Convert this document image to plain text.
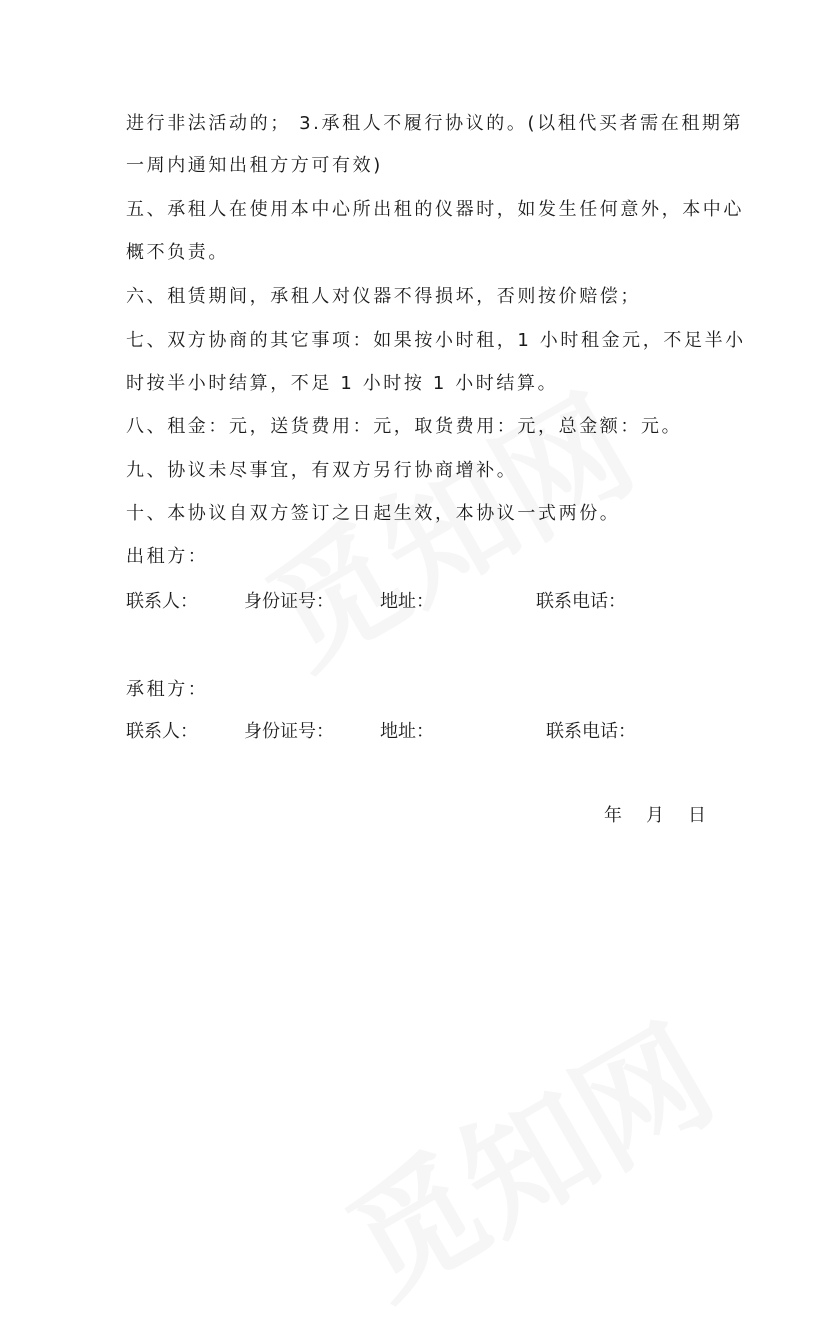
进行非法活动的； 3.承租人不履行协议的。(以租代买者需在租期第
一周内通知出租方方可有效)
五、承租人在使用本中心所出租的仪器时，如发生任何意外，本中心
概不负责。
六、租赁期间，承租人对仪器不得损坏，否则按价赔偿；
七、双方协商的其它事项：如果按小时租，1 小时租金元，不足半小
时按半小时结算，不足 1 小时按 1 小时结算。
八、租金：元，送货费用：元，取货费用：元，总金额：元。
九、协议未尽事宜，有双方另行协商增补。
十、本协议自双方签订之日起生效，本协议一式两份。
出租方：
联系人：	身份证号：	地址：	联系电话：
承租方：
联系人：	身份证号：	地址：	联系电话：
年 月 日
